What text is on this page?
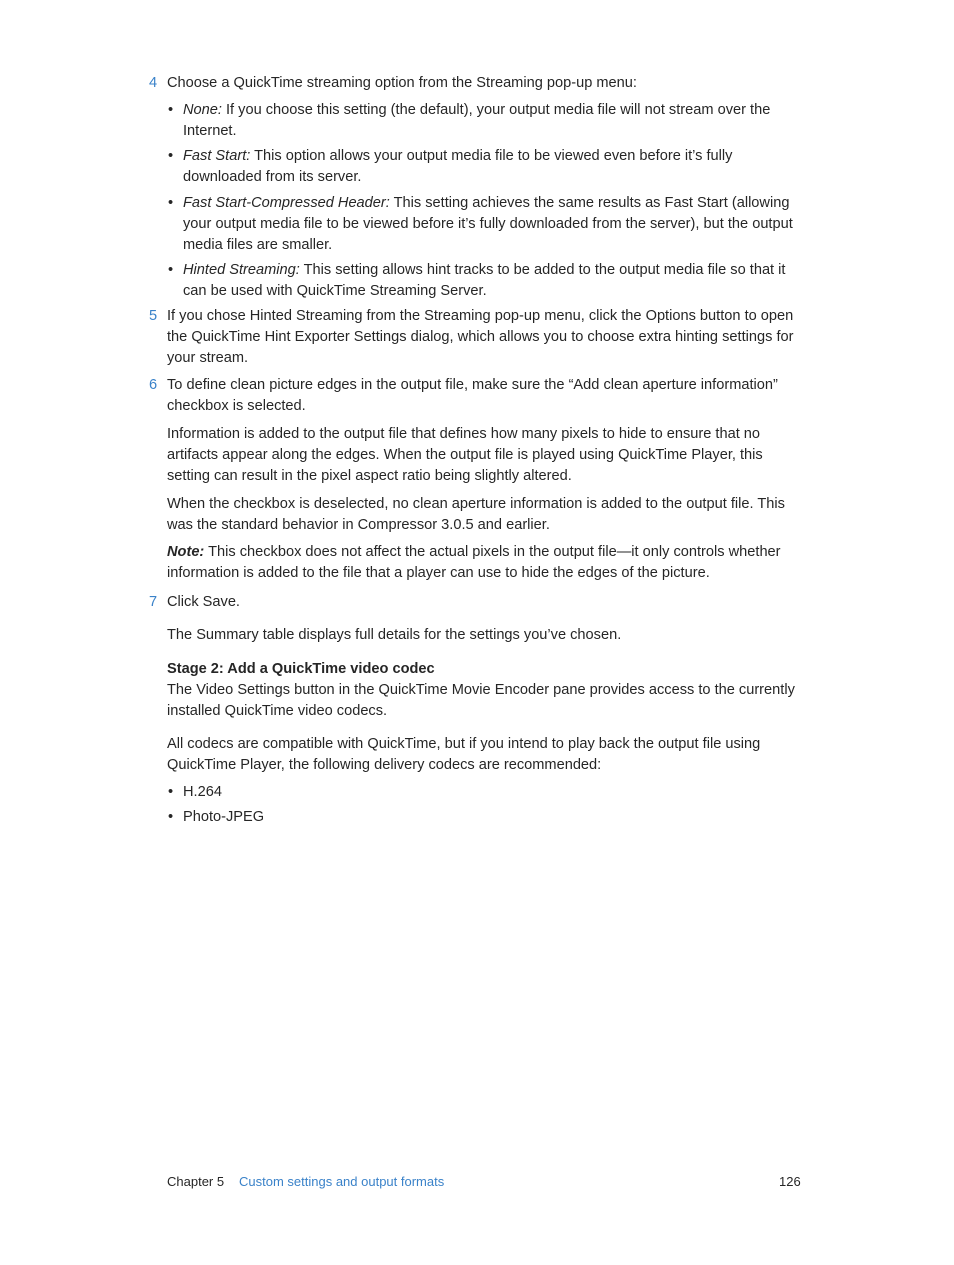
4 Choose a QuickTime streaming option from the Streaming pop-up menu:

• None: If you choose this setting (the default), your output media file will not stream over the Internet.

• Fast Start: This option allows your output media file to be viewed even before it’s fully downloaded from its server.

• Fast Start-Compressed Header: This setting achieves the same results as Fast Start (allowing your output media file to be viewed before it’s fully downloaded from the server), but the output media files are smaller.

• Hinted Streaming: This setting allows hint tracks to be added to the output media file so that it can be used with QuickTime Streaming Server.

5 If you chose Hinted Streaming from the Streaming pop-up menu, click the Options button to open the QuickTime Hint Exporter Settings dialog, which allows you to choose extra hinting settings for your stream.

6 To define clean picture edges in the output file, make sure the “Add clean aperture information” checkbox is selected.

Information is added to the output file that defines how many pixels to hide to ensure that no artifacts appear along the edges. When the output file is played using QuickTime Player, this setting can result in the pixel aspect ratio being slightly altered.

When the checkbox is deselected, no clean aperture information is added to the output file. This was the standard behavior in Compressor 3.0.5 and earlier.

Note: This checkbox does not affect the actual pixels in the output file—it only controls whether information is added to the file that a player can use to hide the edges of the picture.

7 Click Save.

The Summary table displays full details for the settings you’ve chosen.

Stage 2: Add a QuickTime video codec

The Video Settings button in the QuickTime Movie Encoder pane provides access to the currently installed QuickTime video codecs.

All codecs are compatible with QuickTime, but if you intend to play back the output file using QuickTime Player, the following delivery codecs are recommended:

• H.264

• Photo-JPEG

Chapter 5 Custom settings and output formats	126
